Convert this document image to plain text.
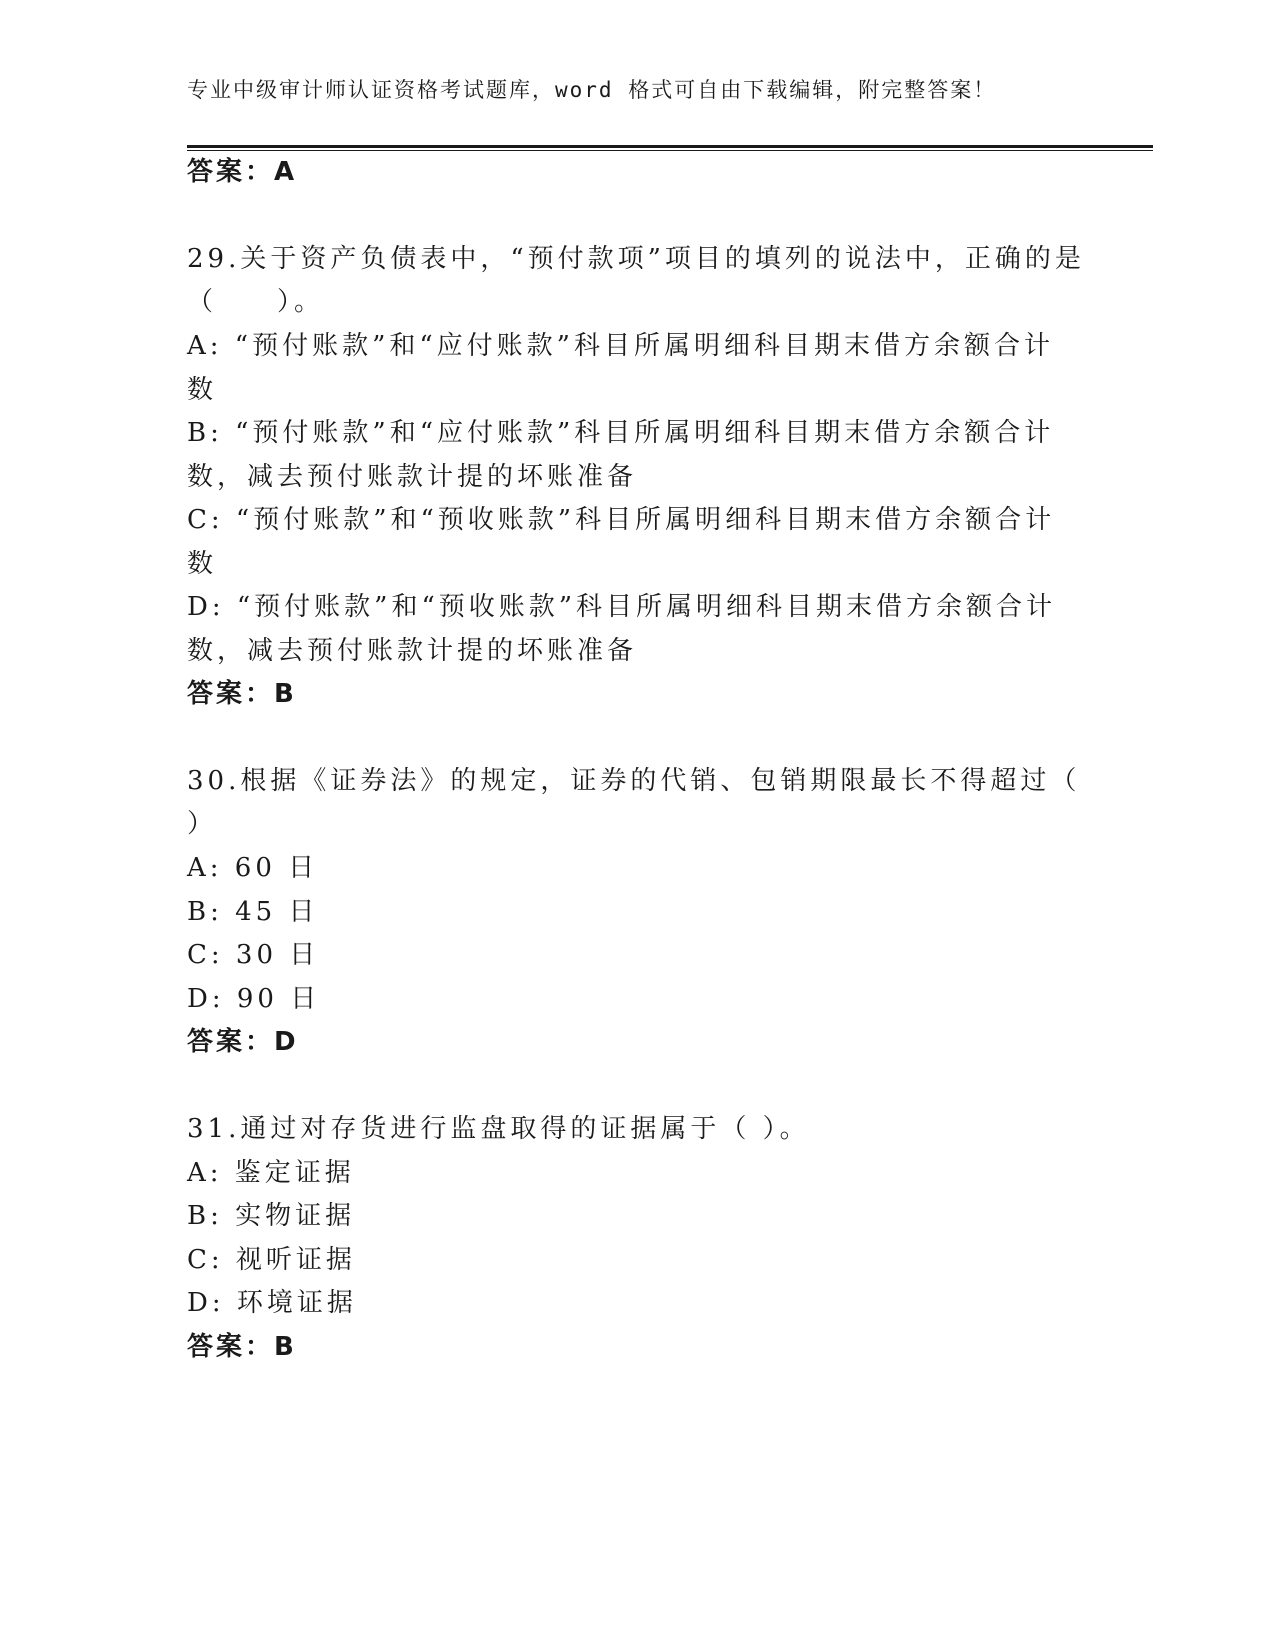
专业中级审计师认证资格考试题库，word 格式可自由下载编辑，附完整答案！
答案：A
29.关于资产负债表中，“预付款项”项目的填列的说法中，正确的是
（　　）。
A: “预付账款”和“应付账款”科目所属明细科目期末借方余额合计
数
B: “预付账款”和“应付账款”科目所属明细科目期末借方余额合计
数，减去预付账款计提的坏账准备
C: “预付账款”和“预收账款”科目所属明细科目期末借方余额合计
数
D: “预付账款”和“预收账款”科目所属明细科目期末借方余额合计
数，减去预付账款计提的坏账准备
答案：B
30.根据《证券法》的规定，证券的代销、包销期限最长不得超过（
）
A: 60 日
B: 45 日
C: 30 日
D: 90 日
答案：D
31.通过对存货进行监盘取得的证据属于（ ）。
A: 鉴定证据
B: 实物证据
C: 视听证据
D: 环境证据
答案：B
